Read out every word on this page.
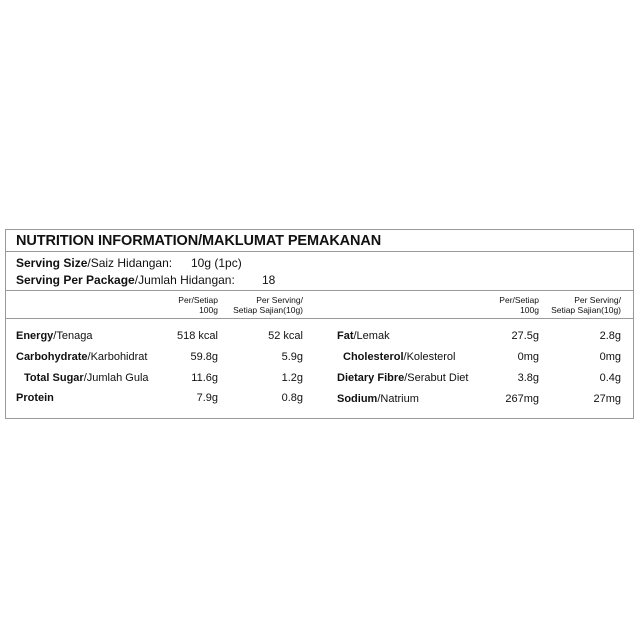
NUTRITION INFORMATION/MAKLUMAT PEMAKANAN
Serving Size/Saiz Hidangan: 10g (1pc)
Serving Per Package/Jumlah Hidangan: 18
Per/Setiap
100g
Per Serving/
Setiap Sajian(10g)
Per/Setiap
100g
Per Serving/
Setiap Sajian(10g)
Energy/Tenaga	518 kcal	52 kcal
Carbohydrate/Karbohidrat	59.8g	5.9g
Total Sugar/Jumlah Gula	11.6g	1.2g
Protein	7.9g	0.8g
Fat/Lemak	27.5g	2.8g
Cholesterol/Kolesterol	0mg	0mg
Dietary Fibre/Serabut Diet	3.8g	0.4g
Sodium/Natrium	267mg	27mg
